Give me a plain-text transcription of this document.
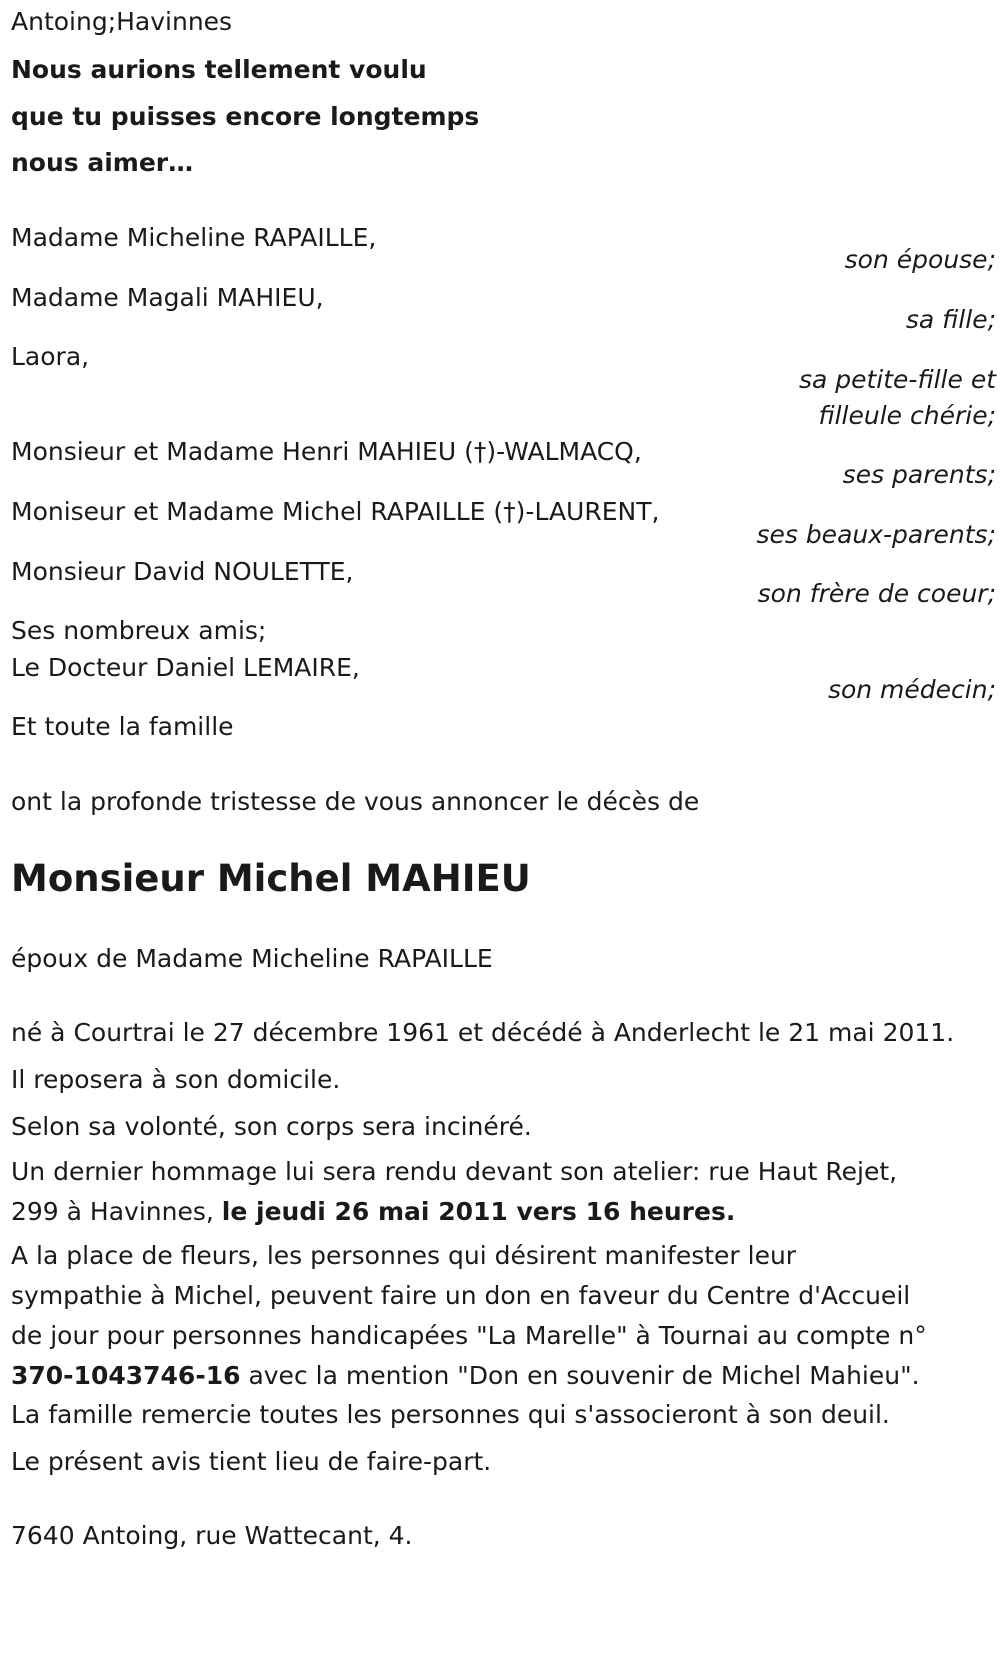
Antoing;Havinnes
Nous aurions tellement voulu
que tu puisses encore longtemps
nous aimer…
Madame Micheline RAPAILLE,
son épouse;
Madame Magali MAHIEU,
sa fille;
Laora,
sa petite-fille et
filleule chérie;
Monsieur et Madame Henri MAHIEU (†)-WALMACQ,
ses parents;
Moniseur et Madame Michel RAPAILLE (†)-LAURENT,
ses beaux-parents;
Monsieur David NOULETTE,
son frère de coeur;
Ses nombreux amis;
Le Docteur Daniel LEMAIRE,
son médecin;
Et toute la famille
ont la profonde tristesse de vous annoncer le décès de
Monsieur Michel MAHIEU
époux de Madame Micheline RAPAILLE
né à Courtrai le 27 décembre 1961 et décédé à Anderlecht le 21 mai 2011.
Il reposera à son domicile.
Selon sa volonté, son corps sera incinéré.
Un dernier hommage lui sera rendu devant son atelier: rue Haut Rejet,
299 à Havinnes, le jeudi 26 mai 2011 vers 16 heures.
A la place de fleurs, les personnes qui désirent manifester leur
sympathie à Michel, peuvent faire un don en faveur du Centre d'Accueil
de jour pour personnes handicapées "La Marelle" à Tournai au compte n°
370-1043746-16 avec la mention "Don en souvenir de Michel Mahieu".
La famille remercie toutes les personnes qui s'associeront à son deuil.
Le présent avis tient lieu de faire-part.
7640 Antoing, rue Wattecant, 4.
